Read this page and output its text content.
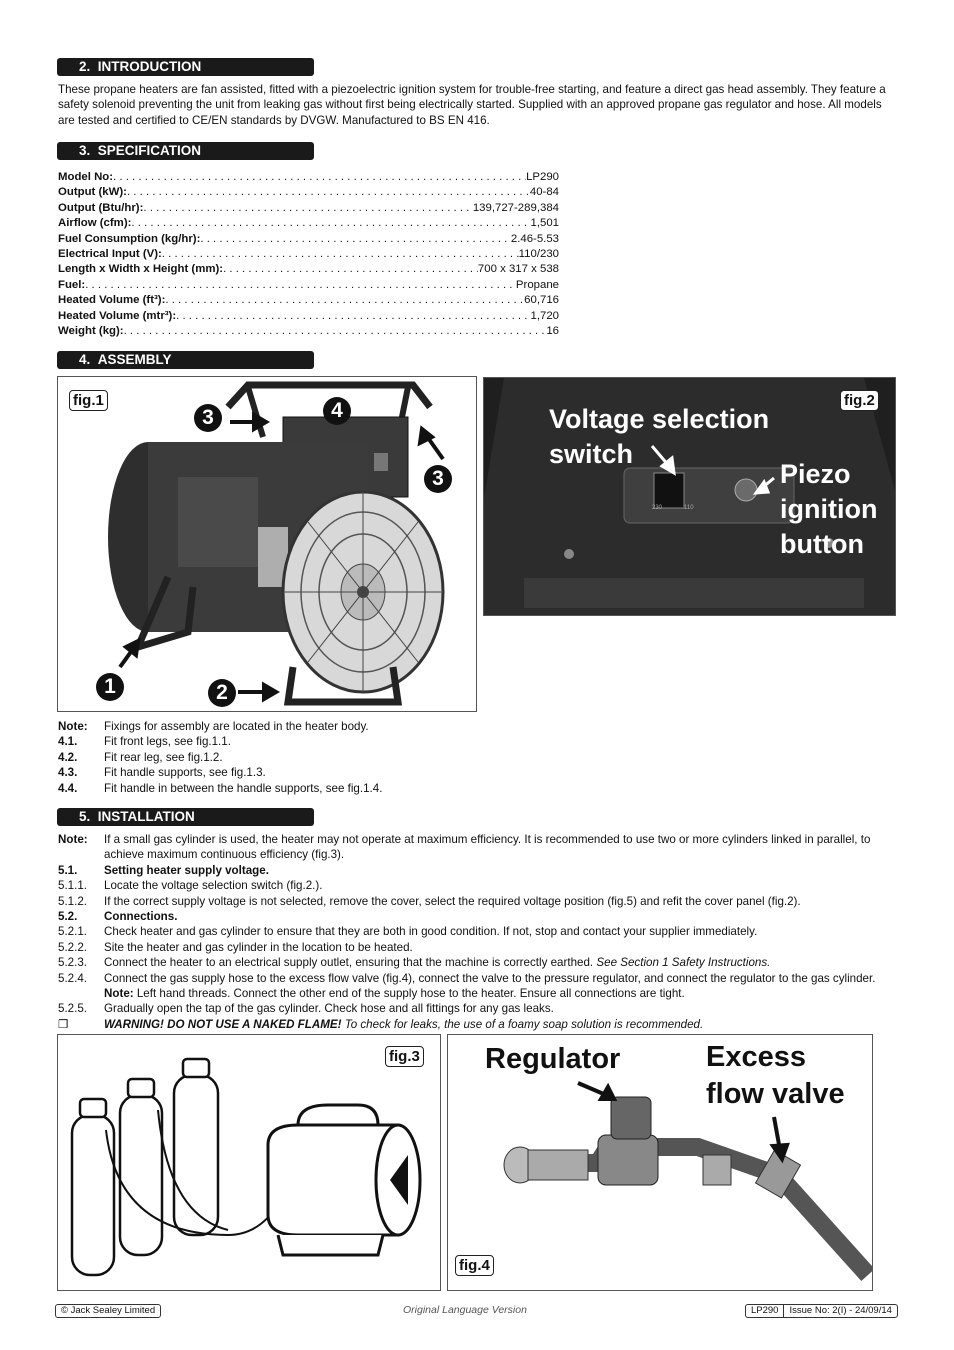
2. INTRODUCTION
These propane heaters are fan assisted, fitted with a piezoelectric ignition system for trouble-free starting, and feature a direct gas head assembly. They feature a safety solenoid preventing the unit from leaking gas without first being electrically started. Supplied with an approved propane gas regulator and hose. All models are tested and certified to CE/EN standards by DVGW. Manufactured to BS EN 416.
3. SPECIFICATION
Model No: . . .	LP290
Output (kW): . . .	40-84
Output (Btu/hr): . . .	139,727-289,384
Airflow (cfm): . . .	1,501
Fuel Consumption (kg/hr): . . .	2.46-5.53
Electrical Input (V): . . .	110/230
Length x Width x Height (mm): . . .	700 x 317 x 538
Fuel: . . .	Propane
Heated Volume (ft³): . . .	60,716
Heated Volume (mtr³): . . .	1,720
Weight (kg): . . .	16
4. ASSEMBLY
fig.1
3	4
3
1	2
Voltage selection
switch
Piezo
ignition
button
230	110
fig.2
Note:	Fixings for assembly are located in the heater body.
4.1.	Fit front legs, see fig.1.1.
4.2.	Fit rear leg, see fig.1.2.
4.3.	Fit handle supports, see fig.1.3.
4.4.	Fit handle in between the handle supports, see fig.1.4.
5. INSTALLATION
Note:	If a small gas cylinder is used, the heater may not operate at maximum efficiency. It is recommended to use two or more cylinders linked in parallel, to achieve maximum continuous efficiency (fig.3).
5.1.	Setting heater supply voltage.
5.1.1.	Locate the voltage selection switch (fig.2.).
5.1.2.	If the correct supply voltage is not selected, remove the cover, select the required voltage position (fig.5) and refit the cover panel (fig.2).
5.2.	Connections.
5.2.1.	Check heater and gas cylinder to ensure that they are both in good condition. If not, stop and contact your supplier immediately.
5.2.2.	Site the heater and gas cylinder in the location to be heated.
5.2.3.	Connect the heater to an electrical supply outlet, ensuring that the machine is correctly earthed. See Section 1 Safety Instructions.
5.2.4.	Connect the gas supply hose to the excess flow valve (fig.4), connect the valve to the pressure regulator, and connect the regulator to the gas cylinder. Note: Left hand threads. Connect the other end of the supply hose to the heater. Ensure all connections are tight.
5.2.5.	Gradually open the tap of the gas cylinder. Check hose and all fittings for any gas leaks.
❒	WARNING! DO NOT USE A NAKED FLAME! To check for leaks, the use of a foamy soap solution is recommended.
fig.3 Regulator	Excess
flow valve
fig.4
© Jack Sealey Limited	Original Language Version	LP290	Issue No: 2(I) - 24/09/14
